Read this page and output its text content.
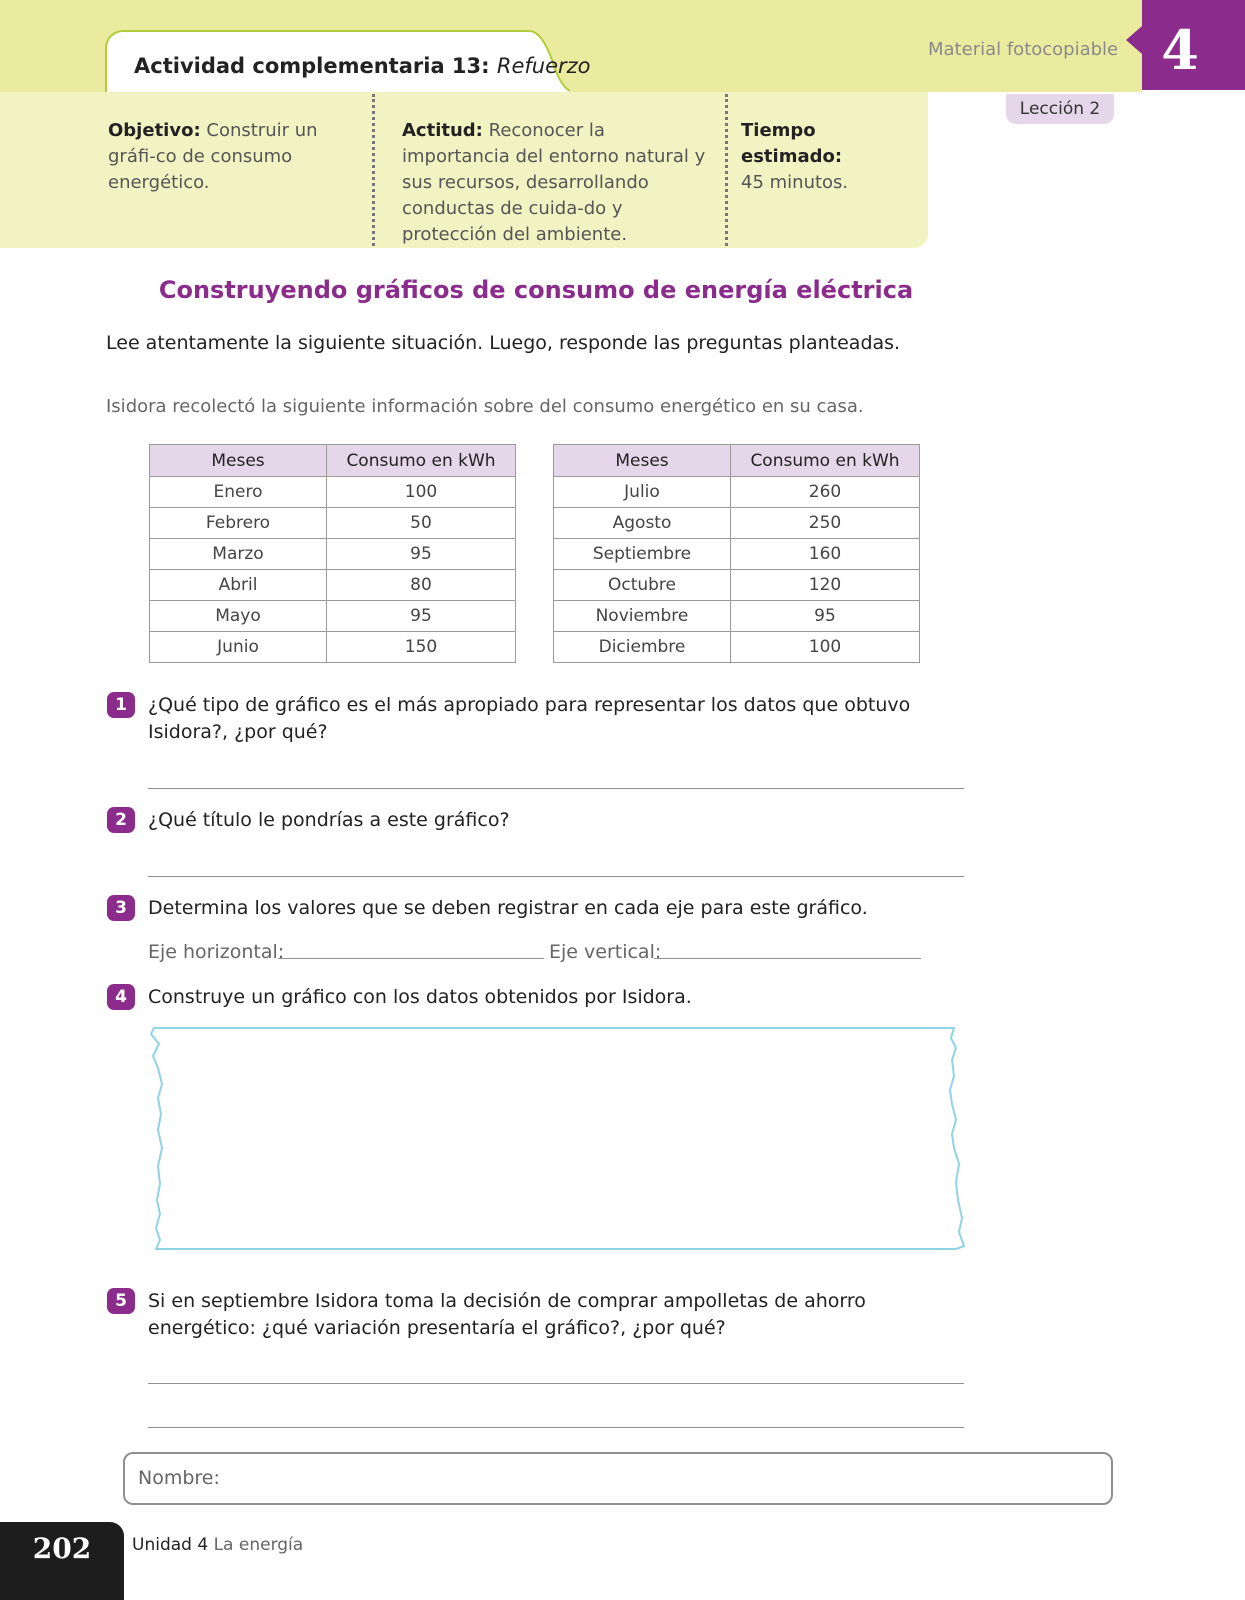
Actividad complementaria 13: Refuerzo
Material fotocopiable 4
Lección 2
Objetivo: Construir un gráfi-co de consumo energético.
Actitud: Reconocer la importancia del entorno natural y sus recursos, desarrollando conductas de cuida-do y protección del ambiente.
Tiempo estimado:
45 minutos.
Construyendo gráficos de consumo de energía eléctrica
Lee atentamente la siguiente situación. Luego, responde las preguntas planteadas.
Isidora recolectó la siguiente información sobre del consumo energético en su casa.
Meses	Consumo en kWh
Enero	100
Febrero	50
Marzo	95
Abril	80
Mayo	95
Junio	150
Meses	Consumo en kWh
Julio	260
Agosto	250
Septiembre	160
Octubre	120
Noviembre	95
Diciembre	100
1	¿Qué tipo de gráfico es el más apropiado para representar los datos que obtuvo Isidora?, ¿por qué?
2	¿Qué título le pondrías a este gráfico?
3	Determina los valores que se deben registrar en cada eje para este gráfico.
Eje horizontal:	Eje vertical:
4	Construye un gráfico con los datos obtenidos por Isidora.
5	Si en septiembre Isidora toma la decisión de comprar ampolletas de ahorro energético: ¿qué variación presentaría el gráfico?, ¿por qué?
Nombre:
202	Unidad 4 La energía
